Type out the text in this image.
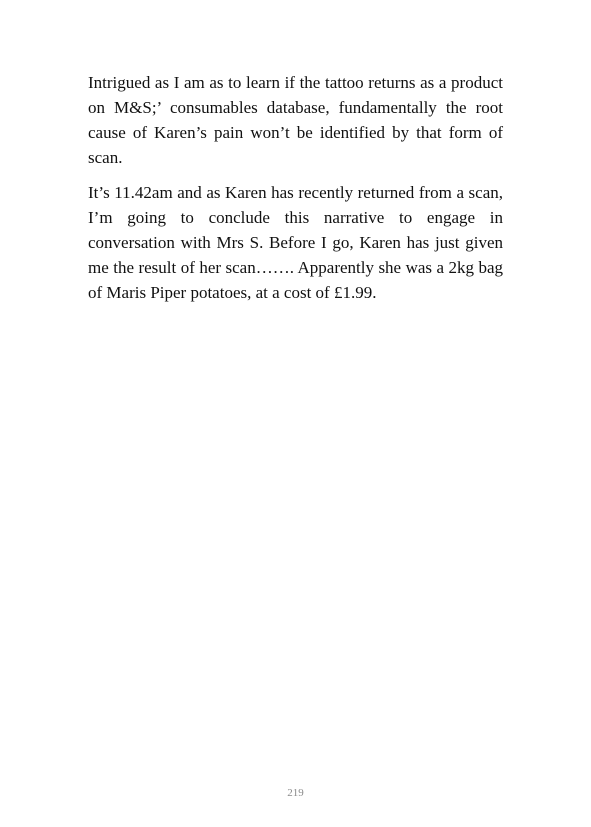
Intrigued as I am as to learn if the tattoo returns as a product on M&S;’ consumables database, fundamentally the root cause of Karen’s pain won’t be identified by that form of scan.

It’s 11.42am and as Karen has recently returned from a scan, I’m going to conclude this narrative to engage in conversation with Mrs S. Before I go, Karen has just given me the result of her scan……. Apparently she was a 2kg bag of Maris Piper potatoes, at a cost of £1.99.

219
